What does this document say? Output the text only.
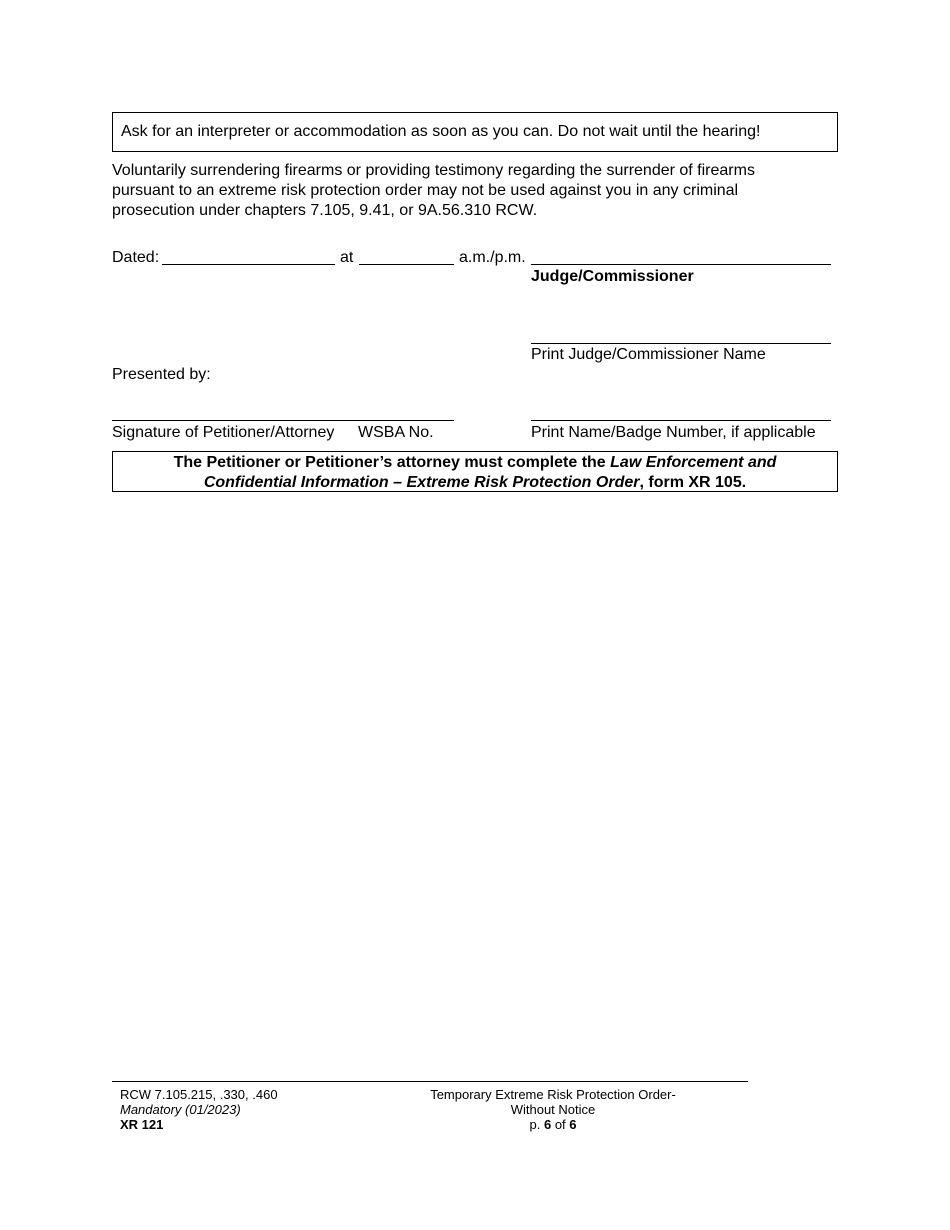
Ask for an interpreter or accommodation as soon as you can. Do not wait until the hearing!
Voluntarily surrendering firearms or providing testimony regarding the surrender of firearms
pursuant to an extreme risk protection order may not be used against you in any criminal
prosecution under chapters 7.105, 9.41, or 9A.56.310 RCW.
Dated:	at	a.m./p.m.
Judge/Commissioner
Print Judge/Commissioner Name
Presented by:
Signature of Petitioner/Attorney WSBA No.	Print Name/Badge Number, if applicable
The Petitioner or Petitioner’s attorney must complete the Law Enforcement and
Confidential Information – Extreme Risk Protection Order, form XR 105.
RCW 7.105.215, .330, .460
Mandatory (01/2023)
XR 121
Temporary Extreme Risk Protection Order-
Without Notice
p. 6 of 6
